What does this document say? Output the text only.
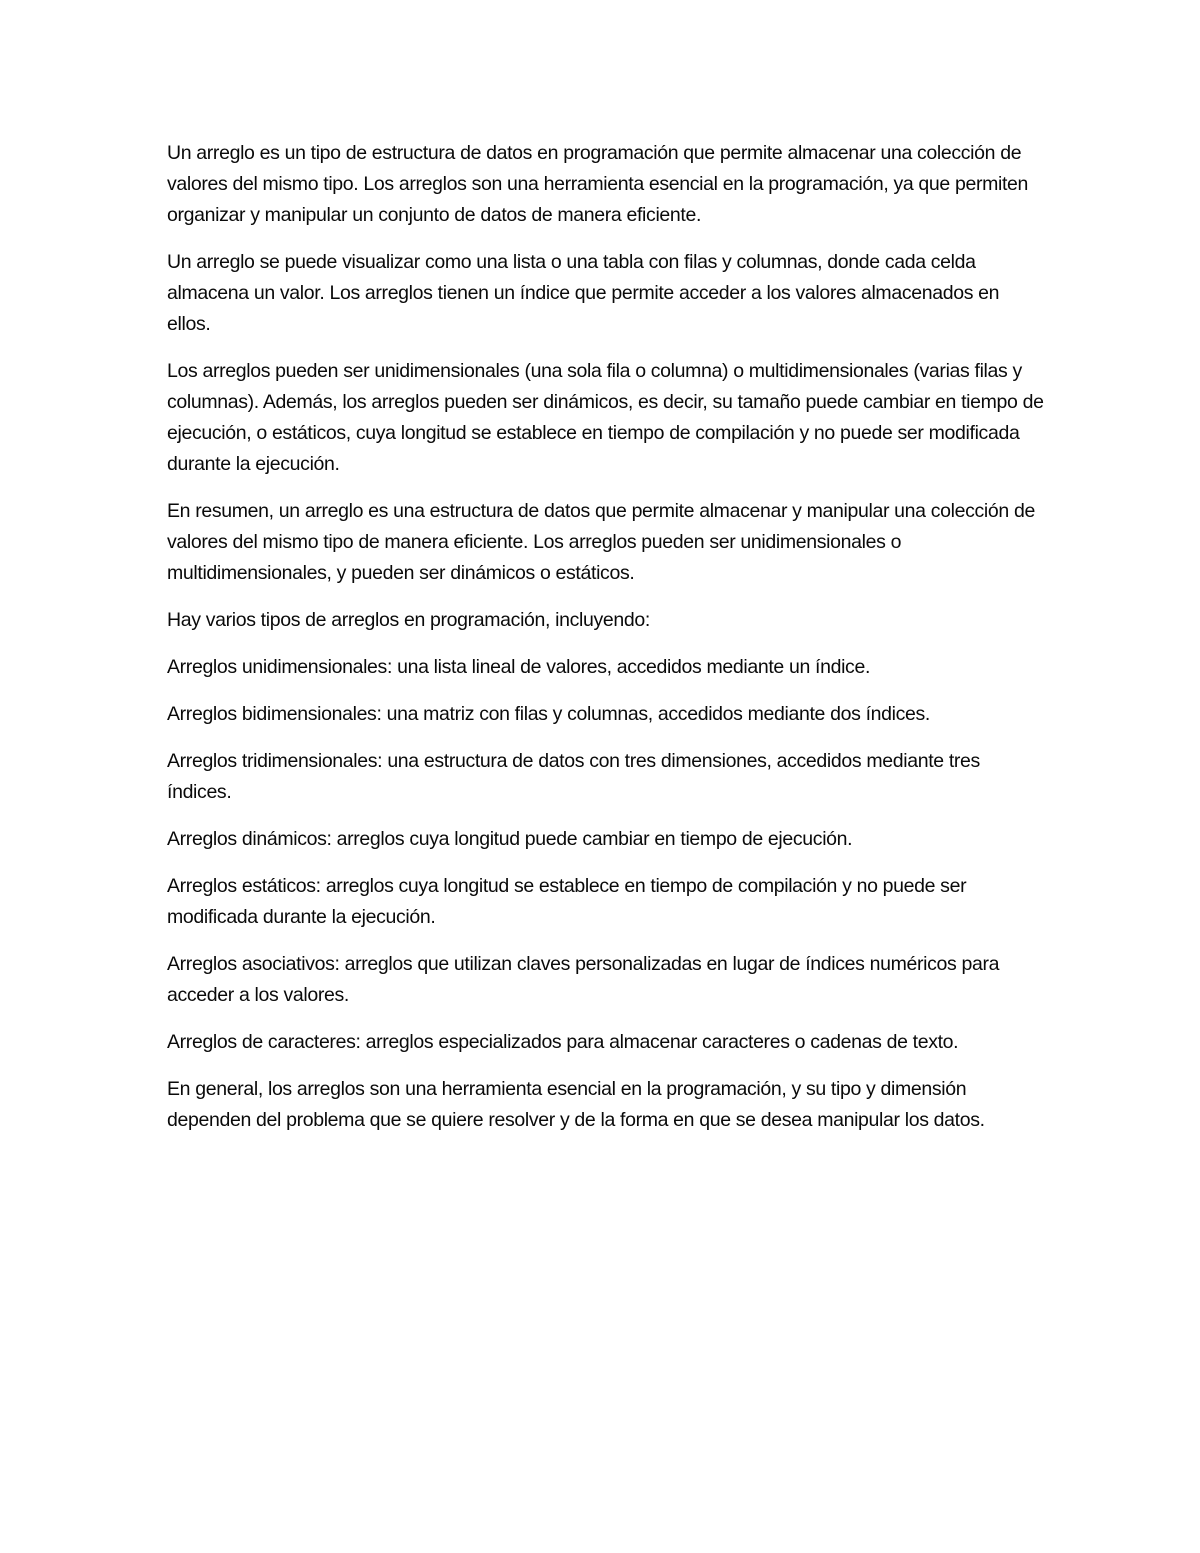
Un arreglo es un tipo de estructura de datos en programación que permite almacenar una colección de valores del mismo tipo. Los arreglos son una herramienta esencial en la programación, ya que permiten organizar y manipular un conjunto de datos de manera eficiente.

Un arreglo se puede visualizar como una lista o una tabla con filas y columnas, donde cada celda almacena un valor. Los arreglos tienen un índice que permite acceder a los valores almacenados en ellos.

Los arreglos pueden ser unidimensionales (una sola fila o columna) o multidimensionales (varias filas y columnas). Además, los arreglos pueden ser dinámicos, es decir, su tamaño puede cambiar en tiempo de ejecución, o estáticos, cuya longitud se establece en tiempo de compilación y no puede ser modificada durante la ejecución.

En resumen, un arreglo es una estructura de datos que permite almacenar y manipular una colección de valores del mismo tipo de manera eficiente. Los arreglos pueden ser unidimensionales o multidimensionales, y pueden ser dinámicos o estáticos.

Hay varios tipos de arreglos en programación, incluyendo:

Arreglos unidimensionales: una lista lineal de valores, accedidos mediante un índice.

Arreglos bidimensionales: una matriz con filas y columnas, accedidos mediante dos índices.

Arreglos tridimensionales: una estructura de datos con tres dimensiones, accedidos mediante tres índices.

Arreglos dinámicos: arreglos cuya longitud puede cambiar en tiempo de ejecución.

Arreglos estáticos: arreglos cuya longitud se establece en tiempo de compilación y no puede ser modificada durante la ejecución.

Arreglos asociativos: arreglos que utilizan claves personalizadas en lugar de índices numéricos para acceder a los valores.

Arreglos de caracteres: arreglos especializados para almacenar caracteres o cadenas de texto.

En general, los arreglos son una herramienta esencial en la programación, y su tipo y dimensión dependen del problema que se quiere resolver y de la forma en que se desea manipular los datos.
